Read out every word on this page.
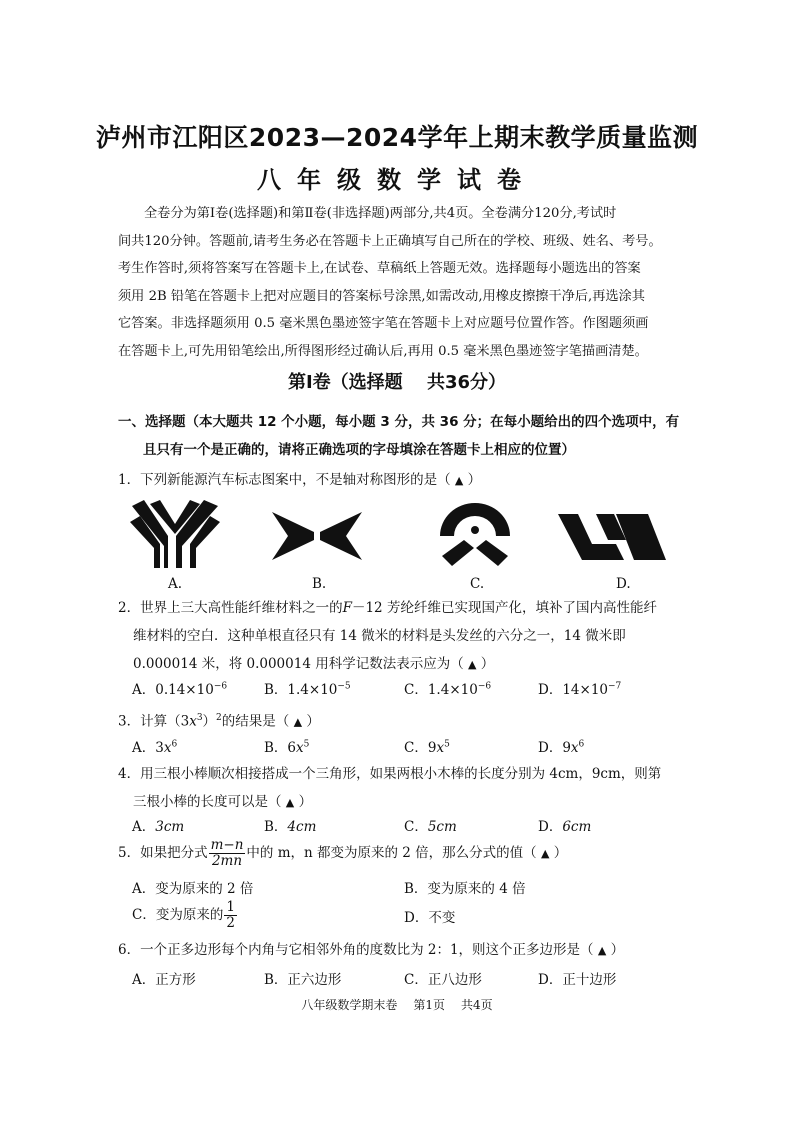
泸州市江阳区2023—2024学年上期末教学质量监测
八年级数学试卷
全卷分为第Ⅰ卷(选择题)和第Ⅱ卷(非选择题)两部分,共4页。全卷满分120分,考试时
间共120分钟。答题前,请考生务必在答题卡上正确填写自己所在的学校、班级、姓名、考号。
考生作答时,须将答案写在答题卡上,在试卷、草稿纸上答题无效。选择题每小题选出的答案
须用 2B 铅笔在答题卡上把对应题目的答案标号涂黑,如需改动,用橡皮擦擦干净后,再选涂其
它答案。非选择题须用 0.5 毫米黑色墨迹签字笔在答题卡上对应题号位置作答。作图题须画
在答题卡上,可先用铅笔绘出,所得图形经过确认后,再用 0.5 毫米黑色墨迹签字笔描画清楚。
第Ⅰ卷（选择题　 共36分）
一、选择题（本大题共 12 个小题，每小题 3 分，共 36 分；在每小题给出的四个选项中，有
且只有一个是正确的，请将正确选项的字母填涂在答题卡上相应的位置）
1．下列新能源汽车标志图案中，不是轴对称图形的是（ ▲ ）
A.	B.	C.	D.
2．世界上三大高性能纤维材料之一的F－12 芳纶纤维已实现国产化，填补了国内高性能纤
维材料的空白．这种单根直径只有 14 微米的材料是头发丝的六分之一，14 微米即
0.000014 米，将 0.000014 用科学记数法表示应为（ ▲ ）
A．$0.14\times 10^{-6}$	B．$1.4\times 10^{-5}$	C．$1.4\times 10^{-6}$	D．$14\times 10^{-7}$
3．计算$(3x^3)^2$的结果是（ ▲ ）
A．$3x^6$	B．$6x^5$	C．$9x^5$	D．$9x^6$
4．用三根小棒顺次相接搭成一个三角形，如果两根小木棒的长度分别为 4cm，9cm，则第
三根小棒的长度可以是（ ▲ ）
A．3cm	B．4cm	C．5cm	D．6cm
5．如果把分式 $\frac{m-n}{2mn}$ 中的 m，n 都变为原来的 2 倍，那么分式的值（ ▲ ）
A．变为原来的 2 倍	B．变为原来的 4 倍
C．变为原来的 $\frac{1}{2}$	D．不变
6．一个正多边形每个内角与它相邻外角的度数比为 2：1，则这个正多边形是（ ▲ ）
A．正方形	B．正六边形	C．正八边形	D．正十边形
八年级数学期末卷 第1页 共4页
